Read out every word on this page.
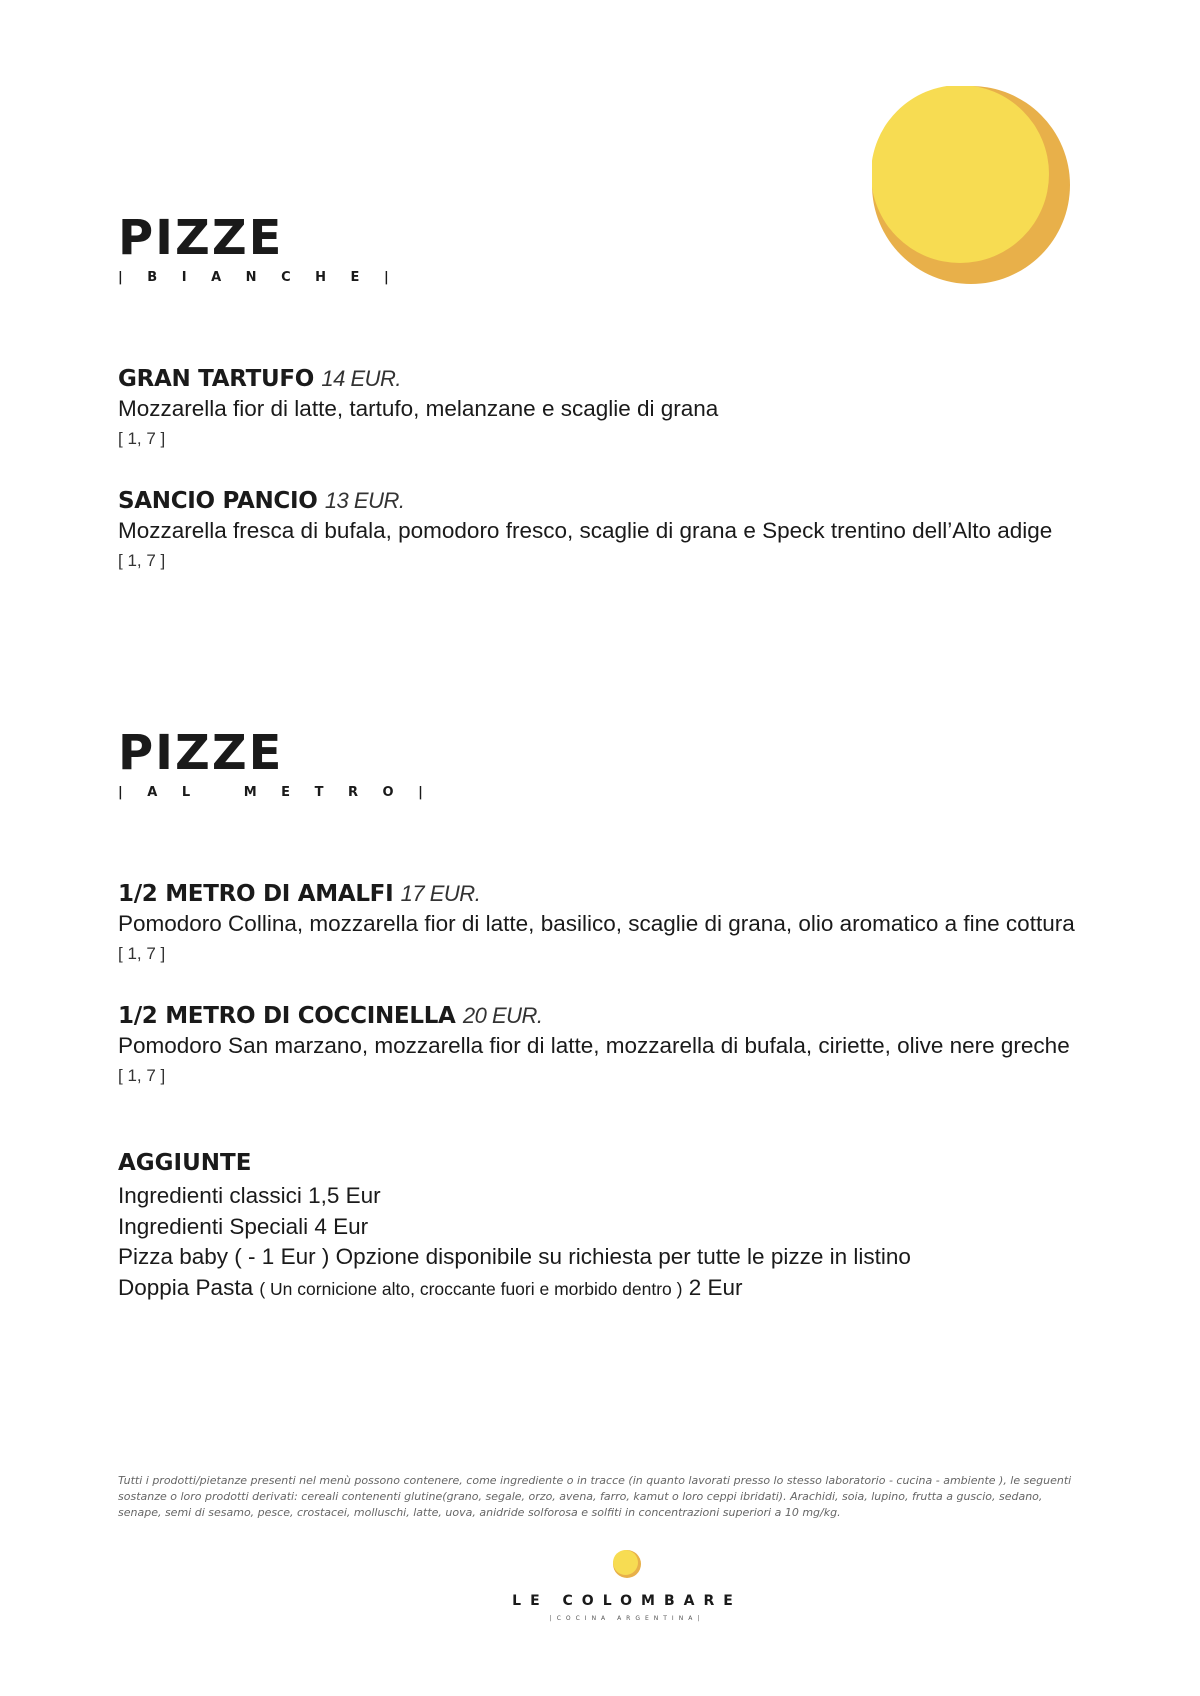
PIZZE
| B I A N C H E |
GRAN TARTUFO 14 EUR.
Mozzarella fior di latte, tartufo, melanzane e scaglie di grana
[ 1, 7 ]
SANCIO PANCIO 13 EUR.
Mozzarella fresca di bufala, pomodoro fresco, scaglie di grana e Speck trentino dell’Alto adige
[ 1, 7 ]
PIZZE
| A L   M E T R O |
1/2 METRO DI AMALFI 17 EUR.
Pomodoro Collina, mozzarella fior di latte, basilico, scaglie di grana, olio aromatico a fine cottura
[ 1, 7 ]
1/2 METRO DI COCCINELLA 20 EUR.
Pomodoro San marzano, mozzarella fior di latte, mozzarella di bufala, ciriette, olive nere greche
[ 1, 7 ]
AGGIUNTE
Ingredienti classici 1,5 Eur
Ingredienti Speciali 4 Eur
Pizza baby ( - 1 Eur ) Opzione disponibile su richiesta per tutte le pizze in listino
Doppia Pasta ( Un cornicione alto, croccante fuori e morbido dentro ) 2 Eur
Tutti i prodotti/pietanze presenti nel menù possono contenere, come ingrediente o in tracce (in quanto lavorati presso lo stesso laboratorio - cucina - ambiente ), le seguenti sostanze o loro prodotti derivati: cereali contenenti glutine(grano, segale, orzo, avena, farro, kamut o loro ceppi ibridati). Arachidi, soia, lupino, frutta a guscio, sedano, senape, semi di sesamo, pesce, crostacei, molluschi, latte, uova, anidride solforosa e solfiti in concentrazioni superiori a 10 mg/kg.
LE COLOMBARE
|COCINA ARGENTINA|
